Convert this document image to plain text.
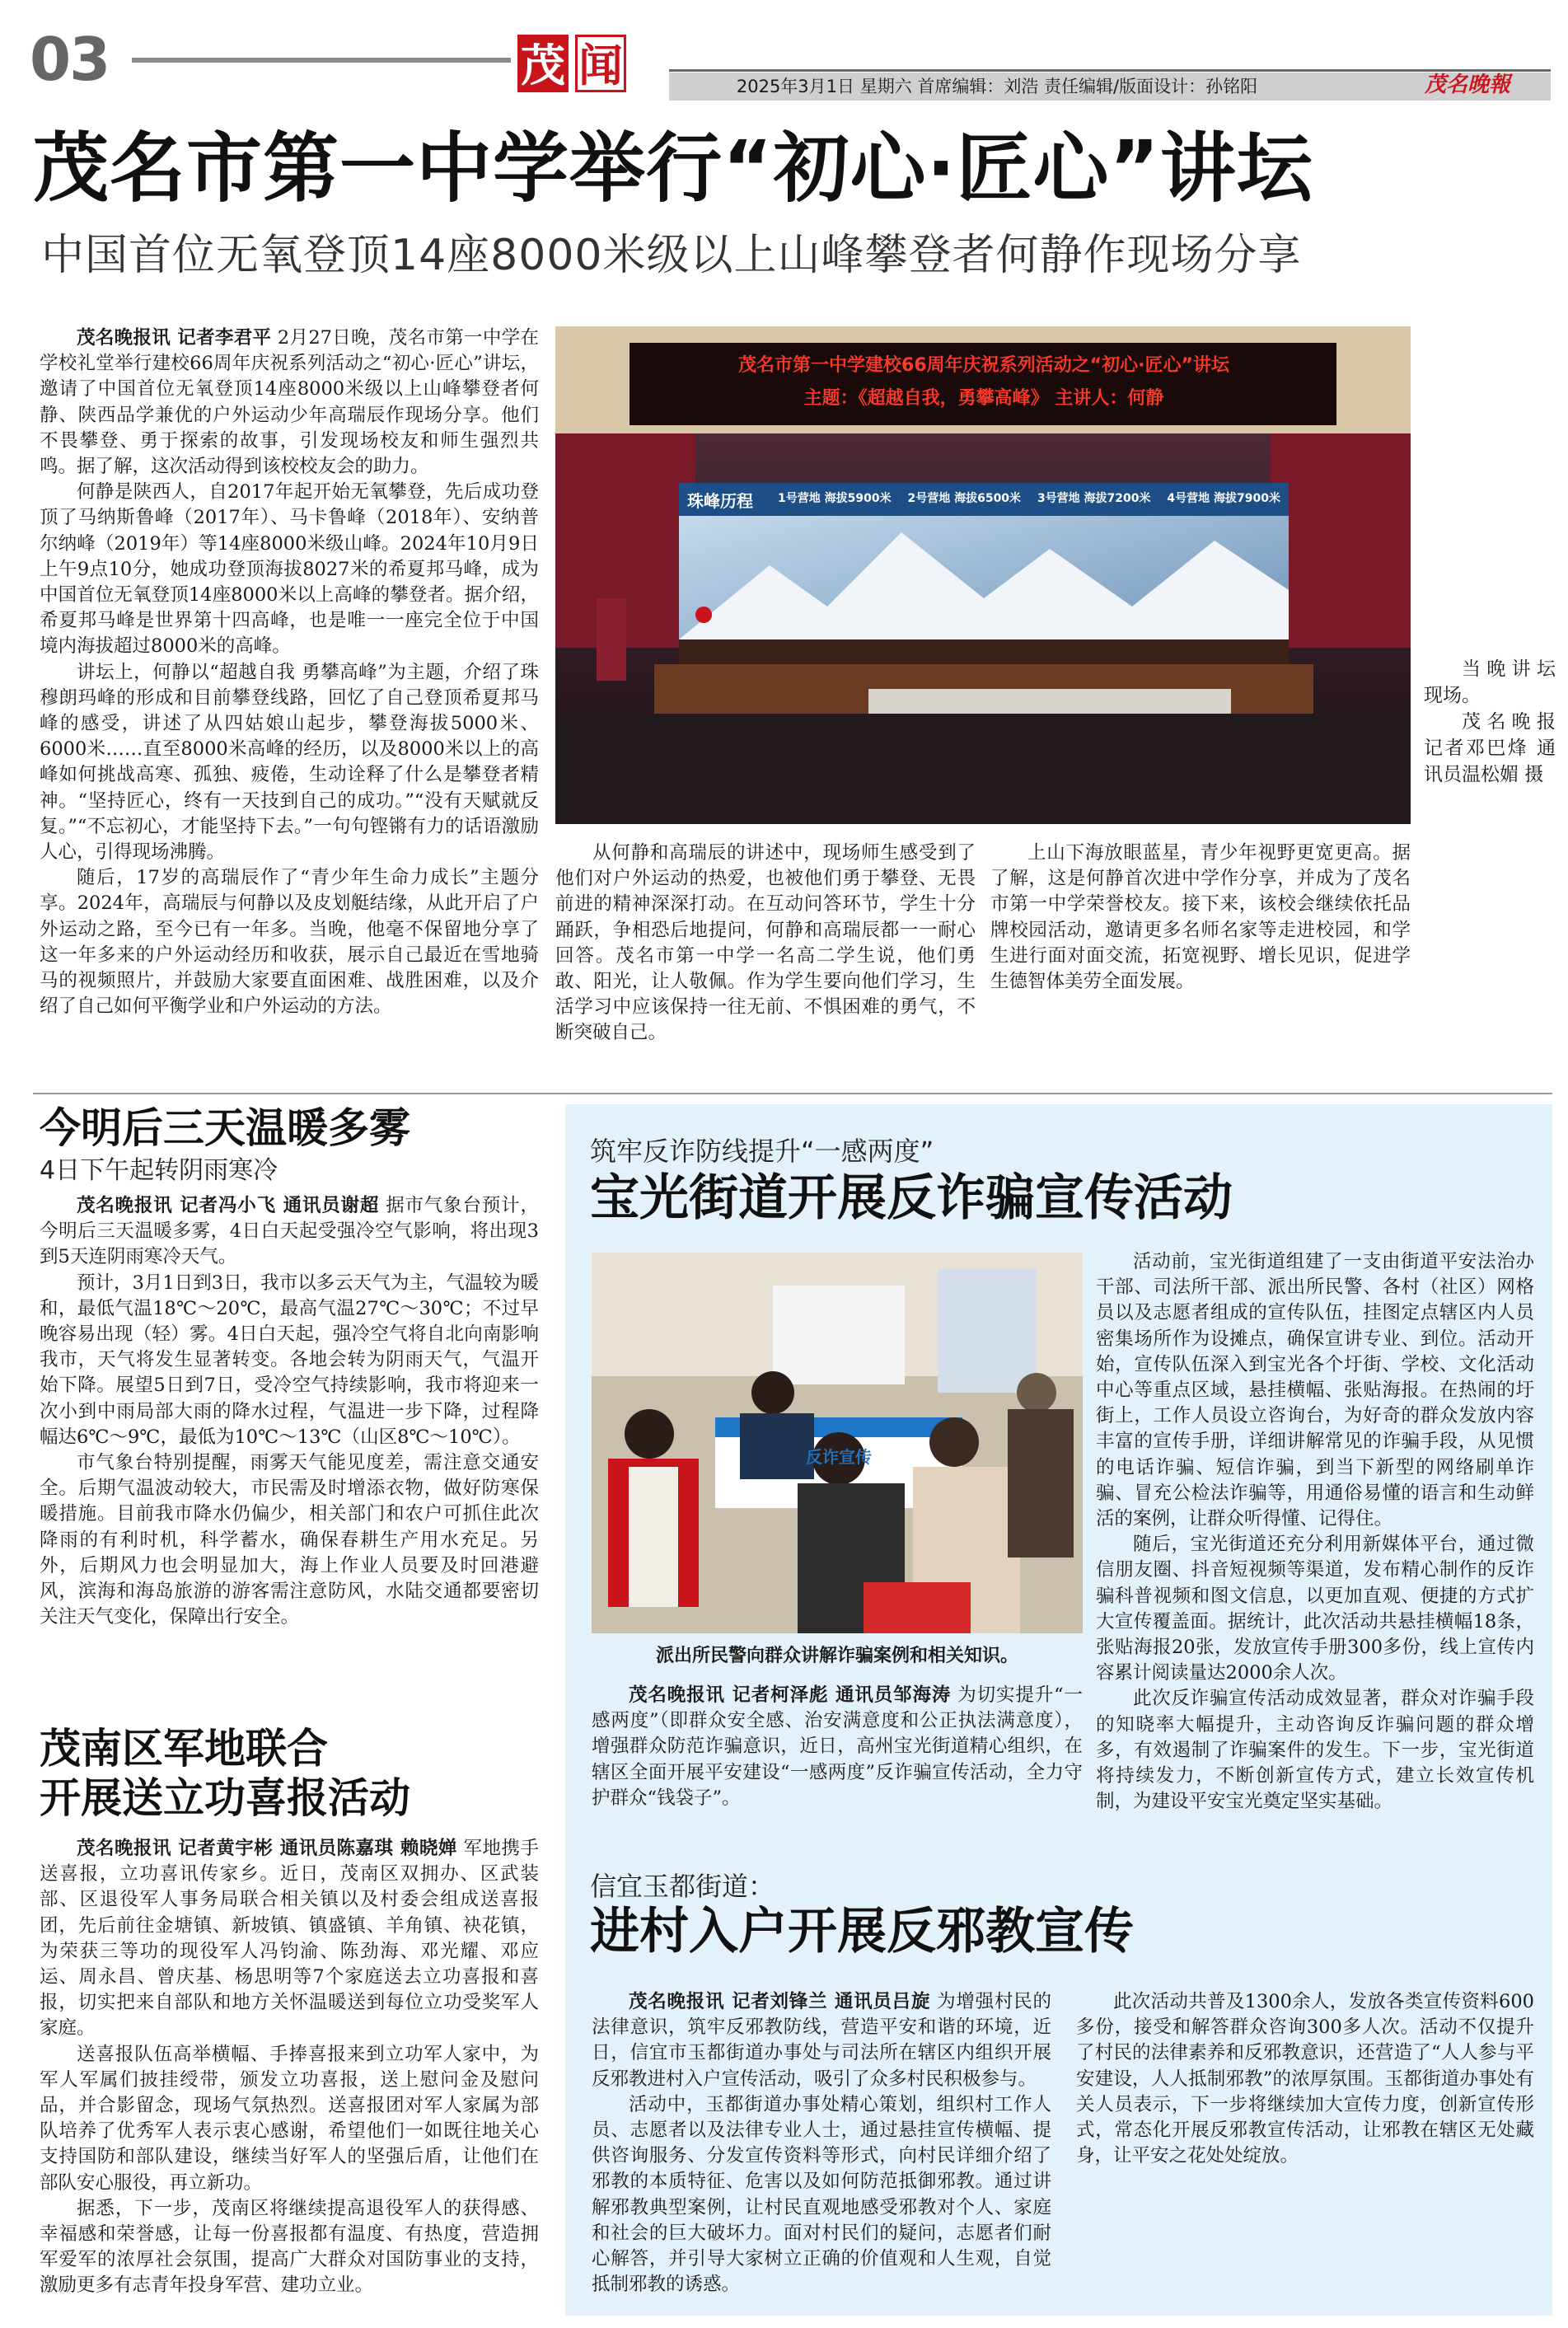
03	茂 闻	2025年3月1日 星期六 首席编辑：刘浩 责任编辑/版面设计：孙铭阳	茂名晚報
茂名市第一中学举行“初心·匠心”讲坛
中国首位无氧登顶14座8000米级以上山峰攀登者何静作现场分享

茂名晚报讯 记者李君平 2月27日晚，茂名市第一中学在学校礼堂举行建校66周年庆祝系列活动之“初心·匠心”讲坛，邀请了中国首位无氧登顶14座8000米级以上山峰攀登者何静、陕西品学兼优的户外运动少年高瑞辰作现场分享。他们不畏攀登、勇于探索的故事，引发现场校友和师生强烈共鸣。据了解，这次活动得到该校校友会的助力。

何静是陕西人，自2017年起开始无氧攀登，先后成功登顶了马纳斯鲁峰（2017年）、马卡鲁峰（2018年）、安纳普尔纳峰（2019年）等14座8000米级山峰。2024年10月9日上午9点10分，她成功登顶海拔8027米的希夏邦马峰，成为中国首位无氧登顶14座8000米以上高峰的攀登者。据介绍，希夏邦马峰是世界第十四高峰，也是唯一一座完全位于中国境内海拔超过8000米的高峰。

讲坛上，何静以“超越自我 勇攀高峰”为主题，介绍了珠穆朗玛峰的形成和目前攀登线路，回忆了自己登顶希夏邦马峰的感受，讲述了从四姑娘山起步，攀登海拔5000米、6000米……直至8000米高峰的经历，以及8000米以上的高峰如何挑战高寒、孤独、疲倦，生动诠释了什么是攀登者精神。“坚持匠心，终有一天技到自己的成功。”“没有天赋就反复。”“不忘初心，才能坚持下去。”一句句铿锵有力的话语激励人心，引得现场沸腾。

随后，17岁的高瑞辰作了“青少年生命力成长”主题分享。2024年，高瑞辰与何静以及皮划艇结缘，从此开启了户外运动之路，至今已有一年多。当晚，他毫不保留地分享了这一年多来的户外运动经历和收获，展示自己最近在雪地骑马的视频照片，并鼓励大家要直面困难、战胜困难，以及介绍了自己如何平衡学业和户外运动的方法。

茂名市第一中学建校66周年庆祝系列活动之“初心·匠心”讲坛
主题：《超越自我，勇攀高峰》 主讲人：何静
珠峰历程 1号营地 海拔5900米 2号营地 海拔6500米 3号营地 海拔7200米 4号营地 海拔7900米

当晚讲坛现场。

茂名晚报记者邓巴烽 通讯员温松媚 摄

从何静和高瑞辰的讲述中，现场师生感受到了他们对户外运动的热爱，也被他们勇于攀登、无畏前进的精神深深打动。在互动问答环节，学生十分踊跃，争相恐后地提问，何静和高瑞辰都一一耐心回答。茂名市第一中学一名高二学生说，他们勇敢、阳光，让人敬佩。作为学生要向他们学习，生活学习中应该保持一往无前、不惧困难的勇气，不断突破自己。

上山下海放眼蓝星，青少年视野更宽更高。据了解，这是何静首次进中学作分享，并成为了茂名市第一中学荣誉校友。接下来，该校会继续依托品牌校园活动，邀请更多名师名家等走进校园，和学生进行面对面交流，拓宽视野、增长见识，促进学生德智体美劳全面发展。

今明后三天温暖多雾
4日下午起转阴雨寒冷

茂名晚报讯 记者冯小飞 通讯员谢超 据市气象台预计，今明后三天温暖多雾，4日白天起受强冷空气影响，将出现3到5天连阴雨寒冷天气。

预计，3月1日到3日，我市以多云天气为主，气温较为暖和，最低气温18℃～20℃，最高气温27℃～30℃；不过早晚容易出现（轻）雾。4日白天起，强冷空气将自北向南影响我市，天气将发生显著转变。各地会转为阴雨天气，气温开始下降。展望5日到7日，受冷空气持续影响，我市将迎来一次小到中雨局部大雨的降水过程，气温进一步下降，过程降幅达6℃～9℃，最低为10℃～13℃（山区8℃～10℃）。

市气象台特别提醒，雨雾天气能见度差，需注意交通安全。后期气温波动较大，市民需及时增添衣物，做好防寒保暖措施。目前我市降水仍偏少，相关部门和农户可抓住此次降雨的有利时机，科学蓄水，确保春耕生产用水充足。另外，后期风力也会明显加大，海上作业人员要及时回港避风，滨海和海岛旅游的游客需注意防风，水陆交通都要密切关注天气变化，保障出行安全。

茂南区军地联合
开展送立功喜报活动

茂名晚报讯 记者黄宇彬 通讯员陈嘉琪 赖晓婵 军地携手送喜报，立功喜讯传家乡。近日，茂南区双拥办、区武装部、区退役军人事务局联合相关镇以及村委会组成送喜报团，先后前往金塘镇、新坡镇、镇盛镇、羊角镇、袂花镇，为荣获三等功的现役军人冯钧渝、陈劲海、邓光耀、邓应运、周永昌、曾庆基、杨思明等7个家庭送去立功喜报和喜报，切实把来自部队和地方关怀温暖送到每位立功受奖军人家庭。

送喜报队伍高举横幅、手捧喜报来到立功军人家中，为军人军属们披挂绶带，颁发立功喜报，送上慰问金及慰问品，并合影留念，现场气氛热烈。送喜报团对军人家属为部队培养了优秀军人表示衷心感谢，希望他们一如既往地关心支持国防和部队建设，继续当好军人的坚强后盾，让他们在部队安心服役，再立新功。

据悉，下一步，茂南区将继续提高退役军人的获得感、幸福感和荣誉感，让每一份喜报都有温度、有热度，营造拥军爱军的浓厚社会氛围，提高广大群众对国防事业的支持，激励更多有志青年投身军营、建功立业。

筑牢反诈防线提升“一感两度”
宝光街道开展反诈骗宣传活动
反诈宣传
派出所民警向群众讲解诈骗案例和相关知识。

茂名晚报讯 记者柯泽彪 通讯员邹海涛 为切实提升“一感两度”（即群众安全感、治安满意度和公正执法满意度），增强群众防范诈骗意识，近日，高州宝光街道精心组织，在辖区全面开展平安建设“一感两度”反诈骗宣传活动，全力守护群众“钱袋子”。

活动前，宝光街道组建了一支由街道平安法治办干部、司法所干部、派出所民警、各村（社区）网格员以及志愿者组成的宣传队伍，挂图定点辖区内人员密集场所作为设摊点，确保宣讲专业、到位。活动开始，宣传队伍深入到宝光各个圩街、学校、文化活动中心等重点区域，悬挂横幅、张贴海报。在热闹的圩街上，工作人员设立咨询台，为好奇的群众发放内容丰富的宣传手册，详细讲解常见的诈骗手段，从见惯的电话诈骗、短信诈骗，到当下新型的网络刷单诈骗、冒充公检法诈骗等，用通俗易懂的语言和生动鲜活的案例，让群众听得懂、记得住。

随后，宝光街道还充分利用新媒体平台，通过微信朋友圈、抖音短视频等渠道，发布精心制作的反诈骗科普视频和图文信息，以更加直观、便捷的方式扩大宣传覆盖面。据统计，此次活动共悬挂横幅18条，张贴海报20张，发放宣传手册300多份，线上宣传内容累计阅读量达2000余人次。

此次反诈骗宣传活动成效显著，群众对诈骗手段的知晓率大幅提升，主动咨询反诈骗问题的群众增多，有效遏制了诈骗案件的发生。下一步，宝光街道将持续发力，不断创新宣传方式，建立长效宣传机制，为建设平安宝光奠定坚实基础。

信宜玉都街道：
进村入户开展反邪教宣传

茂名晚报讯 记者刘锋兰 通讯员吕旋 为增强村民的法律意识，筑牢反邪教防线，营造平安和谐的环境，近日，信宜市玉都街道办事处与司法所在辖区内组织开展反邪教进村入户宣传活动，吸引了众多村民积极参与。

活动中，玉都街道办事处精心策划，组织村工作人员、志愿者以及法律专业人士，通过悬挂宣传横幅、提供咨询服务、分发宣传资料等形式，向村民详细介绍了邪教的本质特征、危害以及如何防范抵御邪教。通过讲解邪教典型案例，让村民直观地感受邪教对个人、家庭和社会的巨大破坏力。面对村民们的疑问，志愿者们耐心解答，并引导大家树立正确的价值观和人生观，自觉抵制邪教的诱惑。

此次活动共普及1300余人，发放各类宣传资料600多份，接受和解答群众咨询300多人次。活动不仅提升了村民的法律素养和反邪教意识，还营造了“人人参与平安建设，人人抵制邪教”的浓厚氛围。玉都街道办事处有关人员表示，下一步将继续加大宣传力度，创新宣传形式，常态化开展反邪教宣传活动，让邪教在辖区无处藏身，让平安之花处处绽放。
